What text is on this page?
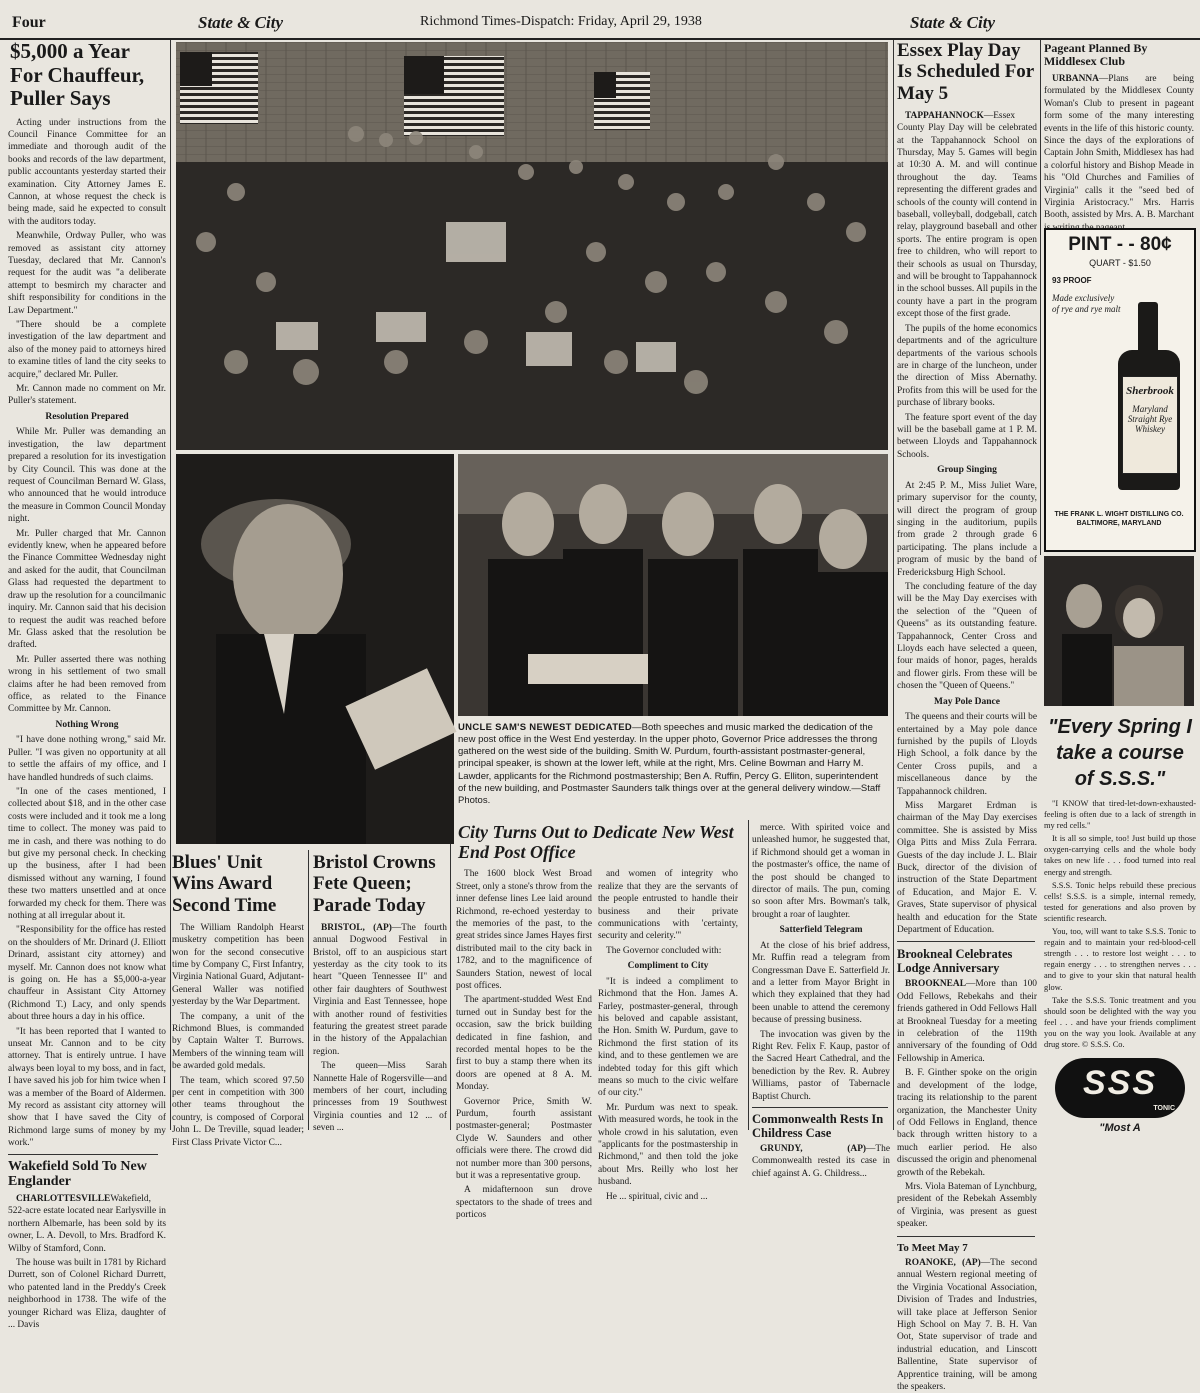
Four	State & City	Richmond Times-Dispatch: Friday, April 29, 1938	State & City
$5,000 a Year For Chauffeur, Puller Says

Acting under instructions from the Council Finance Committee for an immediate and thorough audit of the books and records of the law department, public accountants yesterday started their examination. City Attorney James E. Cannon, at whose request the check is being made, said he expected to consult with the auditors today.

Meanwhile, Ordway Puller, who was removed as assistant city attorney Tuesday, declared that Mr. Cannon's request for the audit was "a deliberate attempt to besmirch my character and shift responsibility for conditions in the Law Department."

"There should be a complete investigation of the law department and also of the money paid to attorneys hired to examine titles of land the city seeks to acquire," declared Mr. Puller.

Mr. Cannon made no comment on Mr. Puller's statement.

Resolution Prepared

While Mr. Puller was demanding an investigation, the law department prepared a resolution for its investigation by City Council. This was done at the request of Councilman Bernard W. Glass, who announced that he would introduce the measure in Common Council Monday night.

Mr. Puller charged that Mr. Cannon evidently knew, when he appeared before the Finance Committee Wednesday night and asked for the audit, that Councilman Glass had requested the department to draw up the resolution for a councilmanic inquiry. Mr. Cannon said that his decision to request the audit was reached before Mr. Glass asked that the resolution be drafted.

Mr. Puller asserted there was nothing wrong in his settlement of two small claims after he had been removed from office, as related to the Finance Committee by Mr. Cannon.

Nothing Wrong

"I have done nothing wrong," said Mr. Puller. "I was given no opportunity at all to settle the affairs of my office, and I have handled hundreds of such claims.

"In one of the cases mentioned, I collected about $18, and in the other case costs were included and it took me a long time to collect. The money was paid to me in cash, and there was nothing to do but give my personal check. In checking up the business, after I had been dismissed without any warning, I found these two matters unsettled and at once forwarded my check for them. There was nothing at all irregular about it.

"Responsibility for the office has rested on the shoulders of Mr. Drinard (J. Elliott Drinard, assistant city attorney) and myself. Mr. Cannon does not know what is going on. He has a $5,000-a-year chauffeur in Assistant City Attorney (Richmond T.) Lacy, and only spends about three hours a day in his office.

"It has been reported that I wanted to unseat Mr. Cannon and to be city attorney. That is entirely untrue. I have always been loyal to my boss, and in fact, I have saved his job for him twice when I was a member of the Board of Aldermen. My record as assistant city attorney will show that I have saved the City of Richmond large sums of money by my work."

Wakefield Sold To New Englander

CHARLOTTESVILLEWakefield, 522-acre estate located near Earlysville in northern Albemarle, has been sold by its owner, L. A. Devoll, to Mrs. Bradford K. Wilby of Stamford, Conn.

The house was built in 1781 by Richard Durrett, son of Colonel Richard Durrett, who patented land in the Preddy's Creek neighborhood in 1738. The wife of the younger Richard was Eliza, daughter of ... Davis

UNCLE SAM'S NEWEST DEDICATED—Both speeches and music marked the dedication of the new post office in the West End yesterday. In the upper photo, Governor Price addresses the throng gathered on the west side of the building. Smith W. Purdum, fourth-assistant postmaster-general, principal speaker, is shown at the lower left, while at the right, Mrs. Celine Bowman and Harry M. Lawder, applicants for the Richmond postmastership; Ben A. Ruffin, Percy G. Elliton, superintendent of the new building, and Postmaster Saunders talk things over at the general delivery window.—Staff Photos.
Blues' Unit Wins Award Second Time

The William Randolph Hearst musketry competition has been won for the second consecutive time by Company C, First Infantry, Virginia National Guard, Adjutant-General Waller was notified yesterday by the War Department.

The company, a unit of the Richmond Blues, is commanded by Captain Walter T. Burrows. Members of the winning team will be awarded gold medals.

The team, which scored 97.50 per cent in competition with 300 other teams throughout the country, is composed of Corporal John L. De Treville, squad leader; First Class Private Victor C...

Bristol Crowns Fete Queen; Parade Today

BRISTOL, (AP)—The fourth annual Dogwood Festival in Bristol, off to an auspicious start yesterday as the city took to its heart "Queen Tennessee II" and other fair daughters of Southwest Virginia and East Tennessee, hope with another round of festivities featuring the greatest street parade in the history of the Appalachian region.

The queen—Miss Sarah Nannette Hale of Rogersville—and members of her court, including princesses from 19 Southwest Virginia counties and 12 ... of seven ...

City Turns Out to Dedicate New West End Post Office

The 1600 block West Broad Street, only a stone's throw from the inner defense lines Lee laid around Richmond, re-echoed yesterday to the memories of the past, to the great strides since James Hayes first distributed mail to the city back in 1782, and to the magnificence of Saunders Station, newest of local post offices.

The apartment-studded West End turned out in Sunday best for the occasion, saw the brick building dedicated in fine fashion, and recorded mental hopes to be the first to buy a stamp there when its doors are opened at 8 A. M. Monday.

Governor Price, Smith W. Purdum, fourth assistant postmaster-general; Postmaster Clyde W. Saunders and other officials were there. The crowd did not number more than 300 persons, but it was a representative group.

A midafternoon sun drove spectators to the shade of trees and porticos

and women of integrity who realize that they are the servants of the people entrusted to handle their business and their private communications with 'certainty, security and celerity.'"

The Governor concluded with:

Compliment to City

"It is indeed a compliment to Richmond that the Hon. James A. Farley, postmaster-general, through his beloved and capable assistant, the Hon. Smith W. Purdum, gave to Richmond the first station of its kind, and to these gentlemen we are indebted today for this gift which means so much to the civic welfare of our city."

Mr. Purdum was next to speak. With measured words, he took in the whole crowd in his salutation, even "applicants for the postmastership in Richmond," and then told the joke about Mrs. Reilly who lost her husband.

He ... spiritual, civic and ...

merce. With spirited voice and unleashed humor, he suggested that, if Richmond should get a woman in the postmaster's office, the name of the post should be changed to director of mails. The pun, coming so soon after Mrs. Bowman's talk, brought a roar of laughter.

Satterfield Telegram

At the close of his brief address, Mr. Ruffin read a telegram from Congressman Dave E. Satterfield Jr. and a letter from Mayor Bright in which they explained that they had been unable to attend the ceremony because of pressing business.

The invocation was given by the Right Rev. Felix F. Kaup, pastor of the Sacred Heart Cathedral, and the benediction by the Rev. R. Aubrey Williams, pastor of Tabernacle Baptist Church.

Commonwealth Rests In Childress Case

GRUNDY, (AP)—The Commonwealth rested its case in chief against A. G. Childress...

Essex Play Day Is Scheduled For May 5

TAPPAHANNOCK—Essex County Play Day will be celebrated at the Tappahannock School on Thursday, May 5. Games will begin at 10:30 A. M. and will continue throughout the day. Teams representing the different grades and schools of the county will contend in baseball, volleyball, dodgeball, catch relay, playground baseball and other sports. The entire program is open free to children, who will report to their schools as usual on Thursday, and will be brought to Tappahannock in the school busses. All pupils in the county have a part in the program except those of the first grade.

The pupils of the home economics departments and of the agriculture departments of the various schools are in charge of the luncheon, under the direction of Miss Abernathy. Profits from this will be used for the purchase of library books.

The feature sport event of the day will be the baseball game at 1 P. M. between Lloyds and Tappahannock Schools.

Group Singing

At 2:45 P. M., Miss Juliet Ware, primary supervisor for the county, will direct the program of group singing in the auditorium, pupils from grade 2 through grade 6 participating. The plans include a program of music by the band of Fredericksburg High School.

The concluding feature of the day will be the May Day exercises with the selection of the "Queen of Queens" as its outstanding feature. Tappahannock, Center Cross and Lloyds each have selected a queen, four maids of honor, pages, heralds and flower girls. From these will be chosen the "Queen of Queens."

May Pole Dance

The queens and their courts will be entertained by a May pole dance furnished by the pupils of Lloyds High School, a folk dance by the Center Cross pupils, and a miscellaneous dance by the Tappahannock children.

Miss Margaret Erdman is chairman of the May Day exercises committee. She is assisted by Miss Olga Pitts and Miss Zula Ferrara. Guests of the day include J. L. Blair Buck, director of the division of instruction of the State Department of Education, and Major E. V. Graves, State supervisor of physical health and education for the State Department of Education.

Brookneal Celebrates Lodge Anniversary

BROOKNEAL—More than 100 Odd Fellows, Rebekahs and their friends gathered in Odd Fellows Hall at Brookneal Tuesday for a meeting in celebration of the 119th anniversary of the founding of Odd Fellowship in America.

B. F. Ginther spoke on the origin and development of the lodge, tracing its relationship to the parent organization, the Manchester Unity of Odd Fellows in England, thence back through written history to a much earlier period. He also discussed the origin and phenomenal growth of the Rebekah.

Mrs. Viola Bateman of Lynchburg, president of the Rebekah Assembly of Virginia, was present as guest speaker.

To Meet May 7

ROANOKE, (AP)—The second annual Western regional meeting of the Virginia Vocational Association, Division of Trades and Industries, will take place at Jefferson Senior High School on May 7. B. H. Van Oot, State supervisor of trade and industrial education, and Linscott Ballentine, State supervisor of Apprentice training, will be among the speakers.

Pageant Planned By Middlesex Club

URBANNA—Plans are being formulated by the Middlesex County Woman's Club to present in pageant form some of the many interesting events in the life of this historic county. Since the days of the explorations of Captain John Smith, Middlesex has had a colorful history and Bishop Meade in his "Old Churches and Families of Virginia" calls it the "seed bed of Virginia Aristocracy." Mrs. Harris Booth, assisted by Mrs. A. B. Marchant

PINT - - 80¢
QUART - $1.50
93 PROOF
Made exclusively of rye and rye malt
Sherbrook
Maryland
Straight Rye
Whiskey
THE FRANK L. WIGHT DISTILLING CO. BALTIMORE, MARYLAND
"Every Spring I take a course of S.S.S."

"I KNOW that tired-let-down-exhausted-feeling is often due to a lack of strength in my red cells."

It is all so simple, too! Just build up those oxygen-carrying cells and the whole body takes on new life . . . food turned into real energy and strength.

S.S.S. Tonic helps rebuild these precious cells! S.S.S. is a simple, internal remedy, tested for generations and also proven by scientific research.

You, too, will want to take S.S.S. Tonic to regain and to maintain your red-blood-cell strength . . . to restore lost weight . . . to regain energy . . . to strengthen nerves . . . and to give to your skin that natural health glow.

Take the S.S.S. Tonic treatment and you should soon be delighted with the way you feel . . . and have your friends compliment you on the way you look. Available at any drug store. © S.S.S. Co.

SSS
TONIC
"Most A
